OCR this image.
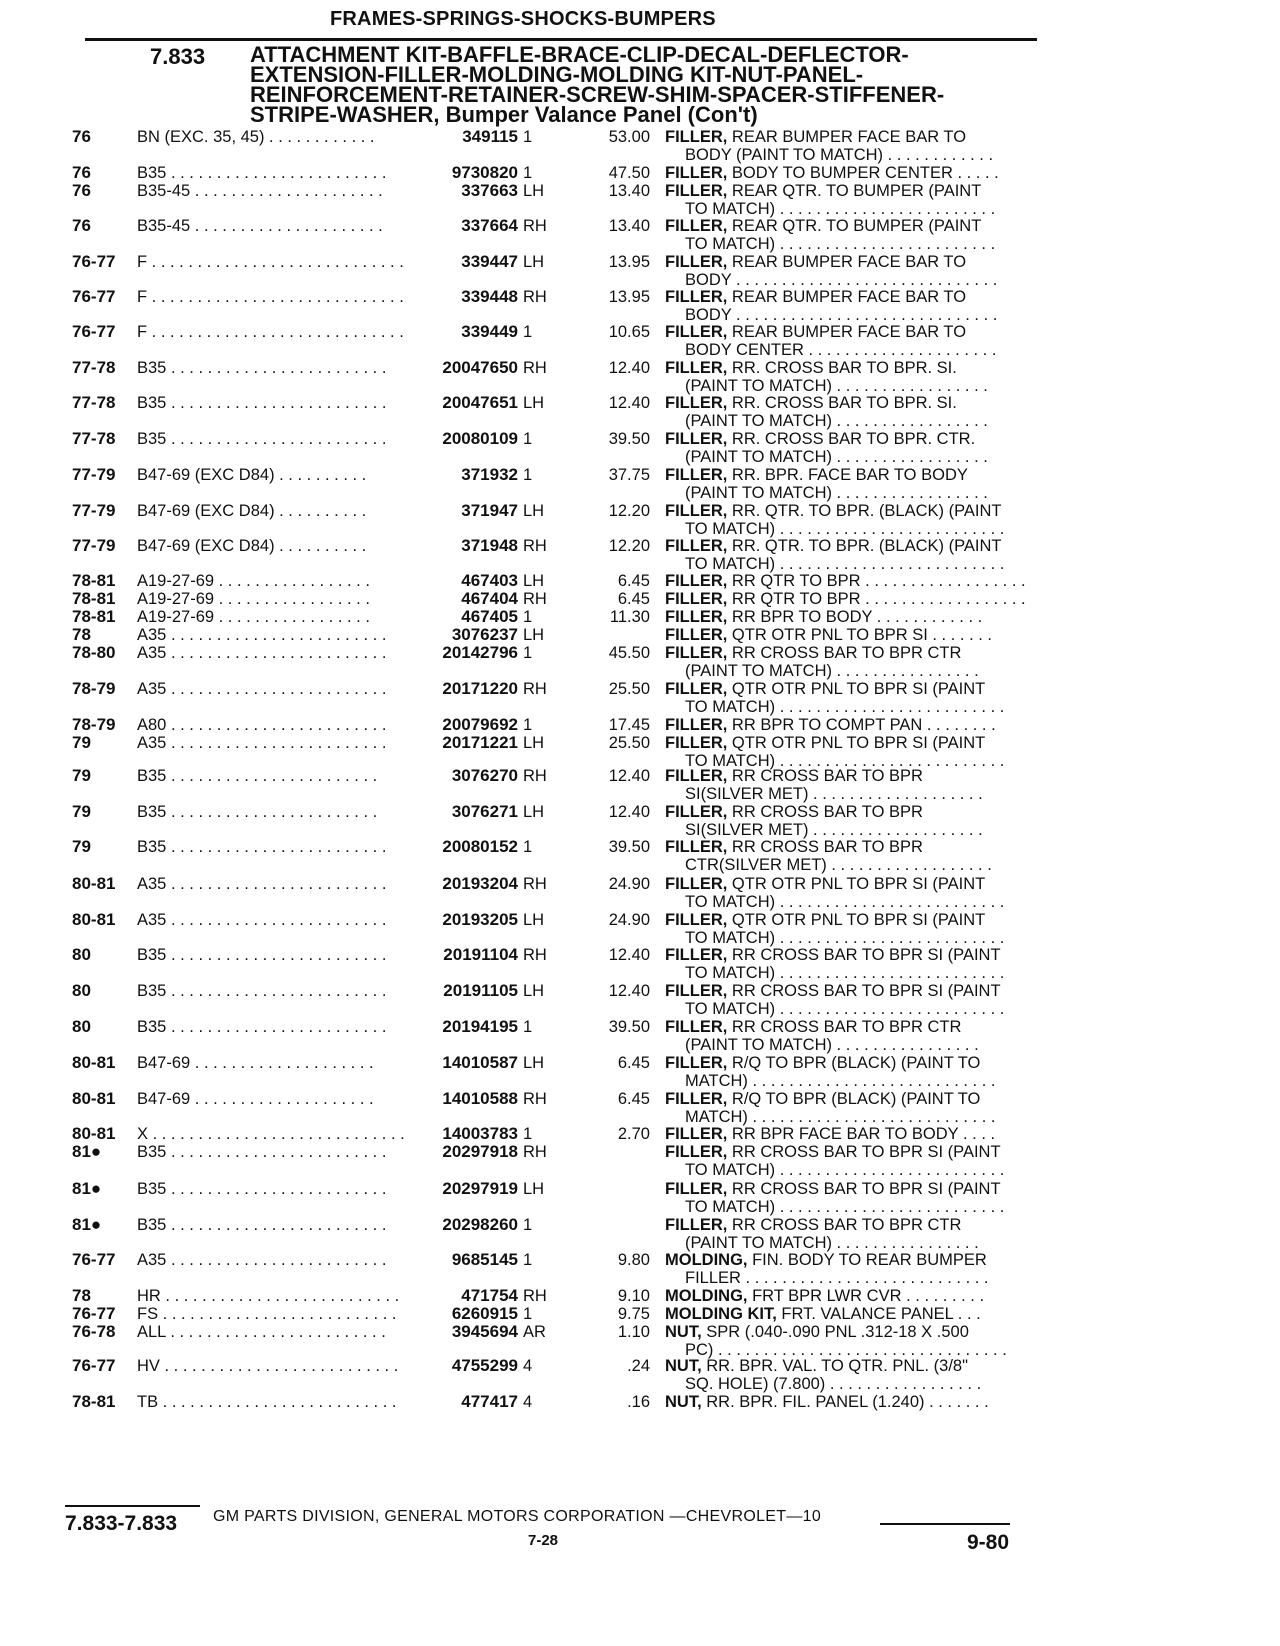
FRAMES-SPRINGS-SHOCKS-BUMPERS
7.833 ATTACHMENT KIT-BAFFLE-BRACE-CLIP-DECAL-DEFLECTOR-
EXTENSION-FILLER-MOLDING-MOLDING KIT-NUT-PANEL-
REINFORCEMENT-RETAINER-SCREW-SHIM-SPACER-STIFFENER-
STRIPE-WASHER, Bumper Valance Panel (Con't)
76	BN (EXC. 35, 45) . . . . . . . . . . . .	349115 1	53.00 FILLER, REAR BUMPER FACE BAR TO
BODY (PAINT TO MATCH) . . . . . . . . . . . .
76	B35 . . . . . . . . . . . . . . . . . . . . . . . .	9730820 1	47.50 FILLER, BODY TO BUMPER CENTER . . . . .
76	B35-45 . . . . . . . . . . . . . . . . . . . . .	337663 LH	13.40 FILLER, REAR QTR. TO BUMPER (PAINT
TO MATCH) . . . . . . . . . . . . . . . . . . . . . . . .
76	B35-45 . . . . . . . . . . . . . . . . . . . . .	337664 RH	13.40 FILLER, REAR QTR. TO BUMPER (PAINT
TO MATCH) . . . . . . . . . . . . . . . . . . . . . . . .
76-77	F . . . . . . . . . . . . . . . . . . . . . . . . . . . .	339447 LH	13.95 FILLER, REAR BUMPER FACE BAR TO
BODY . . . . . . . . . . . . . . . . . . . . . . . . . . . . .
76-77	F . . . . . . . . . . . . . . . . . . . . . . . . . . . .	339448 RH	13.95 FILLER, REAR BUMPER FACE BAR TO
BODY . . . . . . . . . . . . . . . . . . . . . . . . . . . . .
76-77	F . . . . . . . . . . . . . . . . . . . . . . . . . . . .	339449 1	10.65 FILLER, REAR BUMPER FACE BAR TO
BODY CENTER . . . . . . . . . . . . . . . . . . . . .
77-78	B35 . . . . . . . . . . . . . . . . . . . . . . . .	20047650 RH	12.40 FILLER, RR. CROSS BAR TO BPR. SI.
(PAINT TO MATCH) . . . . . . . . . . . . . . . . .
77-78	B35 . . . . . . . . . . . . . . . . . . . . . . . .	20047651 LH	12.40 FILLER, RR. CROSS BAR TO BPR. SI.
(PAINT TO MATCH) . . . . . . . . . . . . . . . . .
77-78	B35 . . . . . . . . . . . . . . . . . . . . . . . .	20080109 1	39.50 FILLER, RR. CROSS BAR TO BPR. CTR.
(PAINT TO MATCH) . . . . . . . . . . . . . . . . .
77-79	B47-69 (EXC D84) . . . . . . . . . .	371932 1	37.75 FILLER, RR. BPR. FACE BAR TO BODY
(PAINT TO MATCH) . . . . . . . . . . . . . . . . .
77-79	B47-69 (EXC D84) . . . . . . . . . .	371947 LH	12.20 FILLER, RR. QTR. TO BPR. (BLACK) (PAINT
TO MATCH) . . . . . . . . . . . . . . . . . . . . . . . . .
77-79	B47-69 (EXC D84) . . . . . . . . . .	371948 RH	12.20 FILLER, RR. QTR. TO BPR. (BLACK) (PAINT
TO MATCH) . . . . . . . . . . . . . . . . . . . . . . . . .
78-81	A19-27-69 . . . . . . . . . . . . . . . . .	467403 LH	6.45 FILLER, RR QTR TO BPR . . . . . . . . . . . . . . . . . .
78-81	A19-27-69 . . . . . . . . . . . . . . . . .	467404 RH	6.45 FILLER, RR QTR TO BPR . . . . . . . . . . . . . . . . . .
78-81	A19-27-69 . . . . . . . . . . . . . . . . .	467405 1	11.30 FILLER, RR BPR TO BODY . . . . . . . . . . . .
78	A35 . . . . . . . . . . . . . . . . . . . . . . . .	3076237 LH	FILLER, QTR OTR PNL TO BPR SI . . . . . . .
78-80	A35 . . . . . . . . . . . . . . . . . . . . . . . .	20142796 1	45.50 FILLER, RR CROSS BAR TO BPR CTR
(PAINT TO MATCH) . . . . . . . . . . . . . . . .
78-79	A35 . . . . . . . . . . . . . . . . . . . . . . . .	20171220 RH	25.50 FILLER, QTR OTR PNL TO BPR SI (PAINT
TO MATCH) . . . . . . . . . . . . . . . . . . . . . . . . .
78-79	A80 . . . . . . . . . . . . . . . . . . . . . . . .	20079692 1	17.45 FILLER, RR BPR TO COMPT PAN . . . . . . . .
79	A35 . . . . . . . . . . . . . . . . . . . . . . . .	20171221 LH	25.50 FILLER, QTR OTR PNL TO BPR SI (PAINT
TO MATCH) . . . . . . . . . . . . . . . . . . . . . . . . .
79	B35 . . . . . . . . . . . . . . . . . . . . . . .	3076270 RH	12.40 FILLER, RR CROSS BAR TO BPR
SI(SILVER MET) . . . . . . . . . . . . . . . . . . .
79	B35 . . . . . . . . . . . . . . . . . . . . . . .	3076271 LH	12.40 FILLER, RR CROSS BAR TO BPR
SI(SILVER MET) . . . . . . . . . . . . . . . . . . .
79	B35 . . . . . . . . . . . . . . . . . . . . . . . .	20080152 1	39.50 FILLER, RR CROSS BAR TO BPR
CTR(SILVER MET) . . . . . . . . . . . . . . . . . .
80-81	A35 . . . . . . . . . . . . . . . . . . . . . . . .	20193204 RH	24.90 FILLER, QTR OTR PNL TO BPR SI (PAINT
TO MATCH) . . . . . . . . . . . . . . . . . . . . . . . . .
80-81	A35 . . . . . . . . . . . . . . . . . . . . . . . .	20193205 LH	24.90 FILLER, QTR OTR PNL TO BPR SI (PAINT
TO MATCH) . . . . . . . . . . . . . . . . . . . . . . . . .
80	B35 . . . . . . . . . . . . . . . . . . . . . . . .	20191104 RH	12.40 FILLER, RR CROSS BAR TO BPR SI (PAINT
TO MATCH) . . . . . . . . . . . . . . . . . . . . . . . . .
80	B35 . . . . . . . . . . . . . . . . . . . . . . . .	20191105 LH	12.40 FILLER, RR CROSS BAR TO BPR SI (PAINT
TO MATCH) . . . . . . . . . . . . . . . . . . . . . . . . .
80	B35 . . . . . . . . . . . . . . . . . . . . . . . .	20194195 1	39.50 FILLER, RR CROSS BAR TO BPR CTR
(PAINT TO MATCH) . . . . . . . . . . . . . . . .
80-81	B47-69 . . . . . . . . . . . . . . . . . . . .	14010587 LH	6.45 FILLER, R/Q TO BPR (BLACK) (PAINT TO
MATCH) . . . . . . . . . . . . . . . . . . . . . . . . . . .
80-81	B47-69 . . . . . . . . . . . . . . . . . . . .	14010588 RH	6.45 FILLER, R/Q TO BPR (BLACK) (PAINT TO
MATCH) . . . . . . . . . . . . . . . . . . . . . . . . . . .
80-81	X . . . . . . . . . . . . . . . . . . . . . . . . . . . .	14003783 1	2.70 FILLER, RR BPR FACE BAR TO BODY . . . .
81●	B35 . . . . . . . . . . . . . . . . . . . . . . . .	20297918 RH	FILLER, RR CROSS BAR TO BPR SI (PAINT
TO MATCH) . . . . . . . . . . . . . . . . . . . . . . . . .
81●	B35 . . . . . . . . . . . . . . . . . . . . . . . .	20297919 LH	FILLER, RR CROSS BAR TO BPR SI (PAINT
TO MATCH) . . . . . . . . . . . . . . . . . . . . . . . . .
81●	B35 . . . . . . . . . . . . . . . . . . . . . . . .	20298260 1	FILLER, RR CROSS BAR TO BPR CTR
(PAINT TO MATCH) . . . . . . . . . . . . . . . .
76-77	A35 . . . . . . . . . . . . . . . . . . . . . . . .	9685145 1	9.80 MOLDING, FIN. BODY TO REAR BUMPER
FILLER . . . . . . . . . . . . . . . . . . . . . . . . . . .
78	HR . . . . . . . . . . . . . . . . . . . . . . . . . .	471754 RH	9.10 MOLDING, FRT BPR LWR CVR . . . . . . . . .
76-77	FS . . . . . . . . . . . . . . . . . . . . . . . . . .	6260915 1	9.75 MOLDING KIT, FRT. VALANCE PANEL . . .
76-78	ALL . . . . . . . . . . . . . . . . . . . . . . . .	3945694 AR	1.10 NUT, SPR (.040-.090 PNL .312-18 X .500
PC) . . . . . . . . . . . . . . . . . . . . . . . . . . . . . . . .
76-77	HV . . . . . . . . . . . . . . . . . . . . . . . . . .	4755299 4	.24 NUT, RR. BPR. VAL. TO QTR. PNL. (3/8"
SQ. HOLE) (7.800) . . . . . . . . . . . . . . . . .
78-81	TB . . . . . . . . . . . . . . . . . . . . . . . . . .	477417 4	.16 NUT, RR. BPR. FIL. PANEL (1.240) . . . . . . .
7.833-7.833 GM PARTS DIVISION, GENERAL MOTORS CORPORATION —CHEVROLET—10
7-28	9-80
